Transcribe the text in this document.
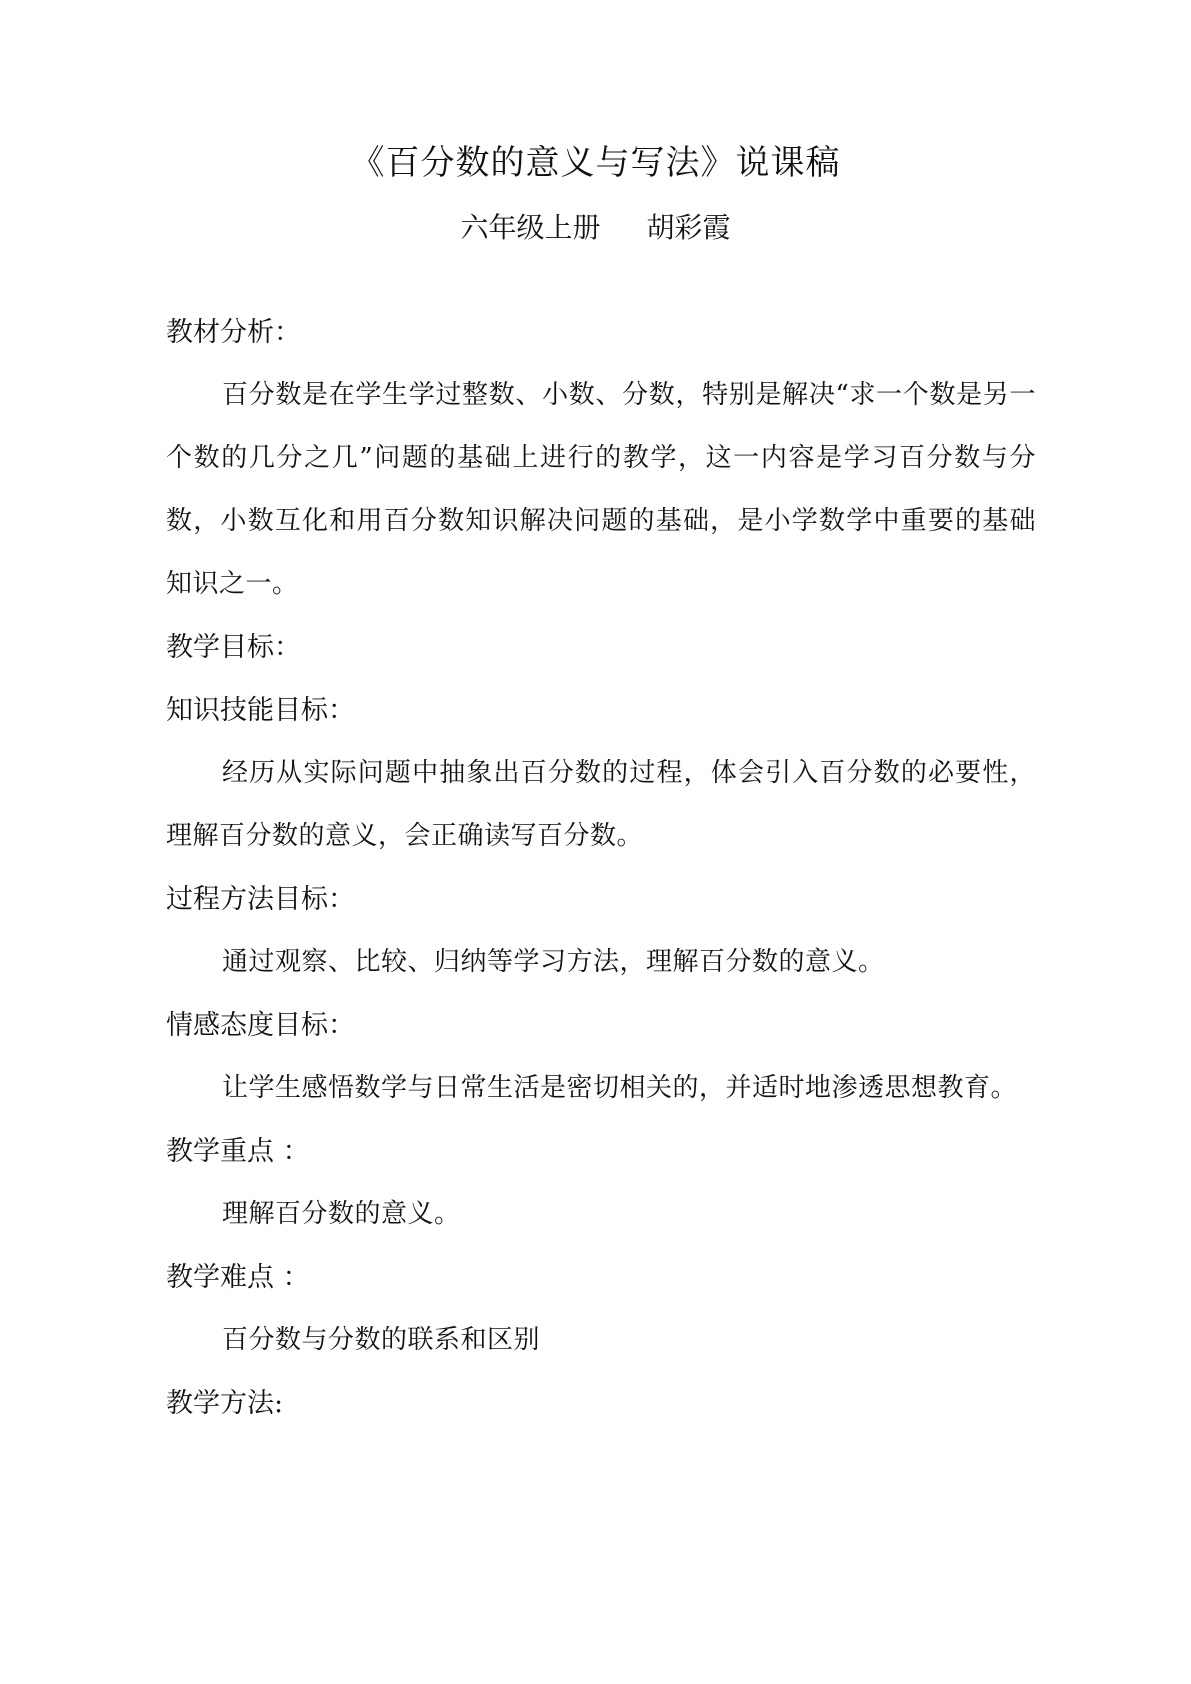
《百分数的意义与写法》说课稿
六年级上册 胡彩霞
教材分析：
百分数是在学生学过整数、小数、分数，特别是解决“求一个数是另一个数的几分之几”问题的基础上进行的教学，这一内容是学习百分数与分数，小数互化和用百分数知识解决问题的基础，是小学数学中重要的基础知识之一。
教学目标：
知识技能目标：
经历从实际问题中抽象出百分数的过程，体会引入百分数的必要性，理解百分数的意义，会正确读写百分数。
过程方法目标：
通过观察、比较、归纳等学习方法，理解百分数的意义。
情感态度目标：
让学生感悟数学与日常生活是密切相关的，并适时地渗透思想教育。
教学重点 ：
理解百分数的意义。
教学难点 ：
百分数与分数的联系和区别
教学方法:
